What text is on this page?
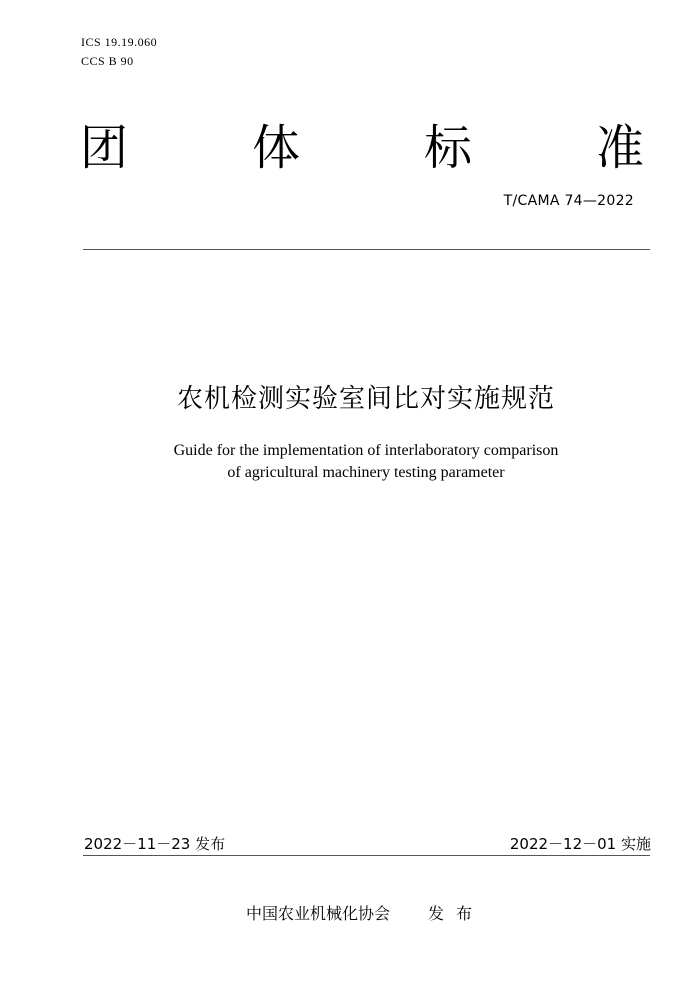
ICS 19.19.060
CCS B 90
团	体	标	准
T/CAMA 74—2022
农机检测实验室间比对实施规范
Guide for the implementation of interlaboratory comparison
of agricultural machinery testing parameter
2022－11－23 发布	2022－12－01 实施
中国农业机械化协会 发布
